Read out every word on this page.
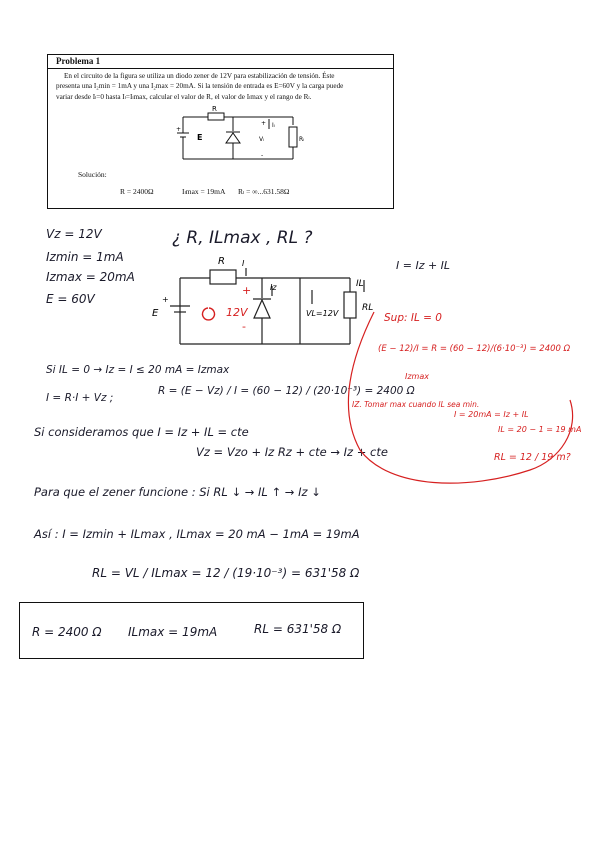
Problema 1
En el circuito de la figura se utiliza un diodo zener de 12V para estabilización de tensión. Éste
presenta una I₂min = 1mA y una I₂max = 20mA. Si la tensión de entrada es E=60V y la carga puede
variar desde Iₗ=0 hasta Iₗ=Iₗmax, calcular el valor de R, el valor de Iₗmax y el rango de Rₗ.
R
E
+
+
-
Vₗ
Iₗ
Rₗ
Solución:
R = 2400Ω	Iₗmax = 19mA Rₗ = ∞...631.58Ω
Vz = 12V
Izmin = 1mA
Izmax = 20mA
E = 60V
¿ R, ILmax , RL ?
I = Iz + IL
R I
Iz	IL
RL
E
+
VL=12V
+
-
12V
Si IL = 0 → Iz = I ≤ 20 mA = Izmax
I = R·I + Vz ;
R = (E − Vz) / I = (60 − 12) / (20·10⁻³) = 2400 Ω
Si consideramos que I = Iz + IL = cte
Vz = Vzo + Iz Rz + cte → Iz + cte
Para que el zener funcione : Si RL ↓ → IL ↑ → Iz ↓
Así : I = Izmin + ILmax , ILmax = 20 mA − 1mA = 19mA
RL = VL / ILmax = 12 / (19·10⁻³) = 631'58 Ω
R = 2400 Ω ILmax = 19mA	RL = 631'58 Ω
Sup: IL = 0
(E − 12)/I = R = (60 − 12)/(6·10⁻³) = 2400 Ω
Izmax
IZ. Tomar max cuando IL sea min.
I = 20mA = Iz + IL
IL = 20 − 1 = 19 mA
RL = 12 / 19 m?
